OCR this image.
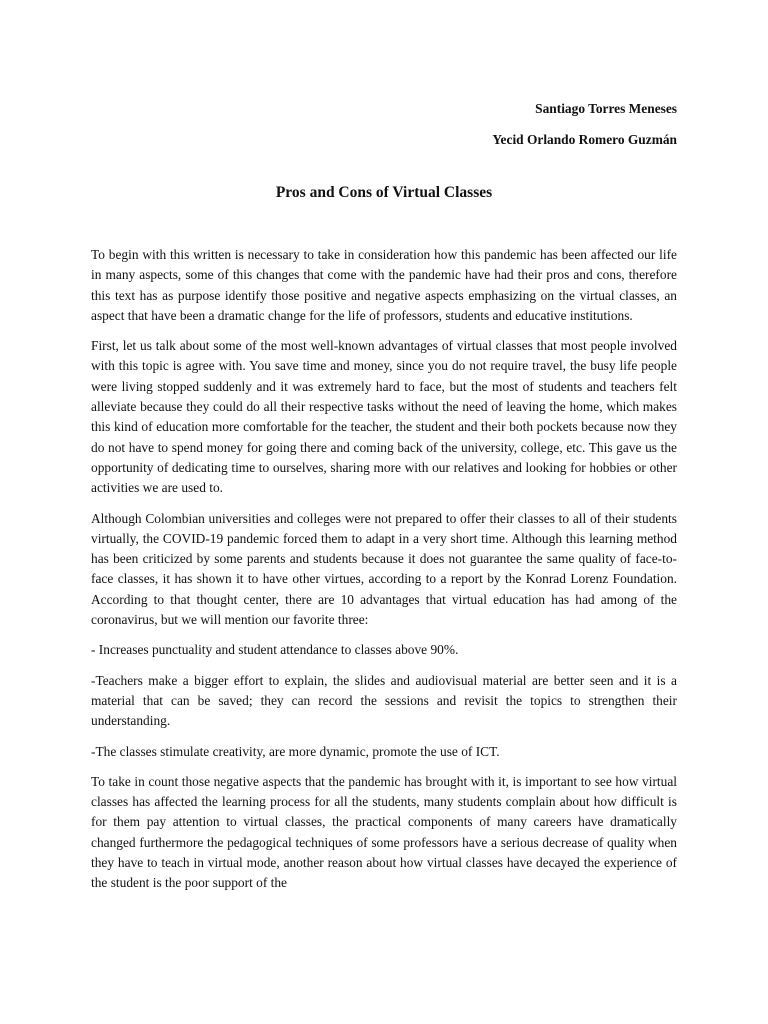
Santiago Torres Meneses
Yecid Orlando Romero Guzmán
Pros and Cons of Virtual Classes

To begin with this written is necessary to take in consideration how this pandemic has been affected our life in many aspects, some of this changes that come with the pandemic have had their pros and cons, therefore this text has as purpose identify those positive and negative aspects emphasizing on the virtual classes, an aspect that have been a dramatic change for the life of professors, students and educative institutions.

First, let us talk about some of the most well-known advantages of virtual classes that most people involved with this topic is agree with. You save time and money, since you do not require travel, the busy life people were living stopped suddenly and it was extremely hard to face, but the most of students and teachers felt alleviate because they could do all their respective tasks without the need of leaving the home, which makes this kind of education more comfortable for the teacher, the student and their both pockets because now they do not have to spend money for going there and coming back of the university, college, etc. This gave us the opportunity of dedicating time to ourselves, sharing more with our relatives and looking for hobbies or other activities we are used to.

Although Colombian universities and colleges were not prepared to offer their classes to all of their students virtually, the COVID-19 pandemic forced them to adapt in a very short time. Although this learning method has been criticized by some parents and students because it does not guarantee the same quality of face-to-face classes, it has shown it to have other virtues, according to a report by the Konrad Lorenz Foundation. According to that thought center, there are 10 advantages that virtual education has had among of the coronavirus, but we will mention our favorite three:

- Increases punctuality and student attendance to classes above 90%.

-Teachers make a bigger effort to explain, the slides and audiovisual material are better seen and it is a material that can be saved; they can record the sessions and revisit the topics to strengthen their understanding.

-The classes stimulate creativity, are more dynamic, promote the use of ICT.

To take in count those negative aspects that the pandemic has brought with it, is important to see how virtual classes has affected the learning process for all the students, many students complain about how difficult is for them pay attention to virtual classes, the practical components of many careers have dramatically changed furthermore the pedagogical techniques of some professors have a serious decrease of quality when they have to teach in virtual mode, another reason about how virtual classes have decayed the experience of the student is the poor support of the
